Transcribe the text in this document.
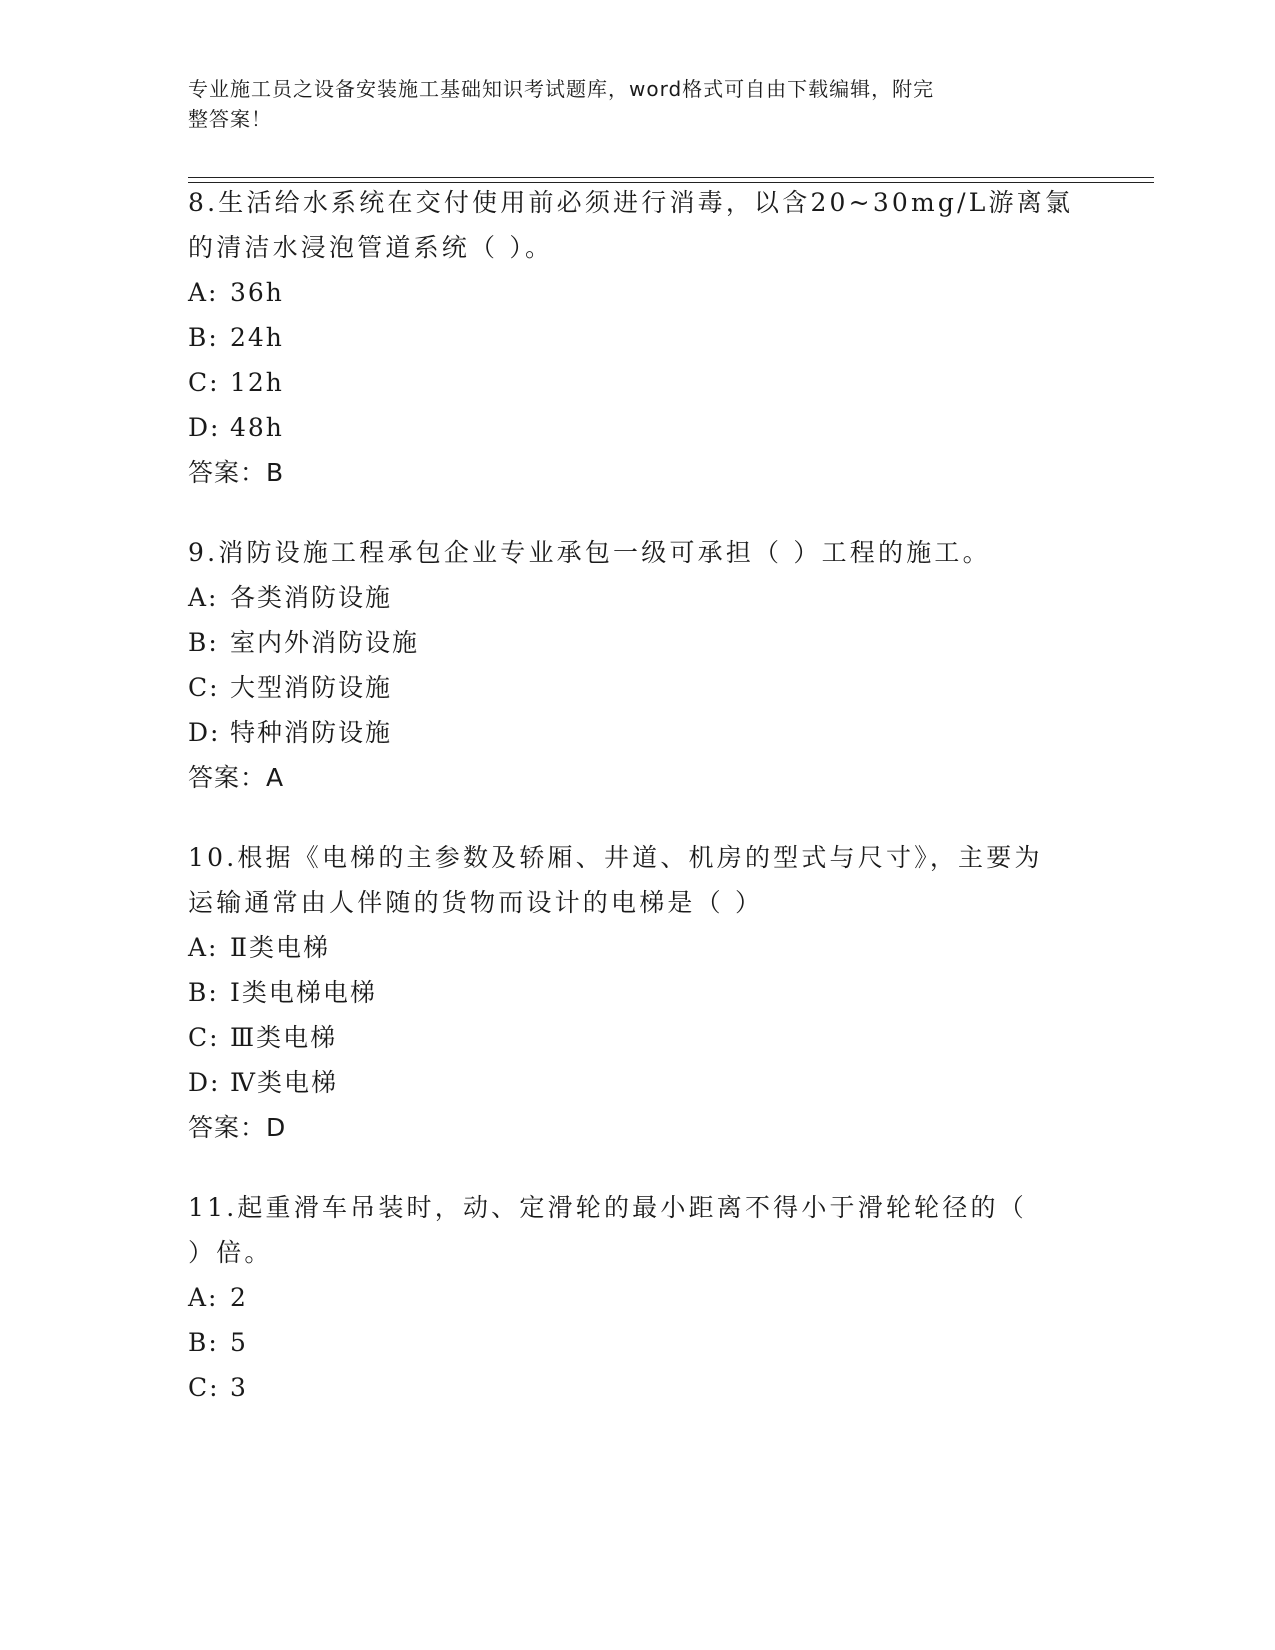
专业施工员之设备安装施工基础知识考试题库，word格式可自由下载编辑，附完
整答案！

8.生活给水系统在交付使用前必须进行消毒，以含20~30mg/L游离氯

的清洁水浸泡管道系统（ ）。

A: 36h

B: 24h

C: 12h

D: 48h

答案：B

9.消防设施工程承包企业专业承包一级可承担（ ）工程的施工。

A: 各类消防设施

B: 室内外消防设施

C: 大型消防设施

D: 特种消防设施

答案：A

10.根据《电梯的主参数及轿厢、井道、机房的型式与尺寸》，主要为

运输通常由人伴随的货物而设计的电梯是（ ）

A: Ⅱ类电梯

B: Ⅰ类电梯电梯

C: Ⅲ类电梯

D: Ⅳ类电梯

答案：D

11.起重滑车吊装时，动、定滑轮的最小距离不得小于滑轮轮径的（

）倍。

A: 2

B: 5

C: 3
